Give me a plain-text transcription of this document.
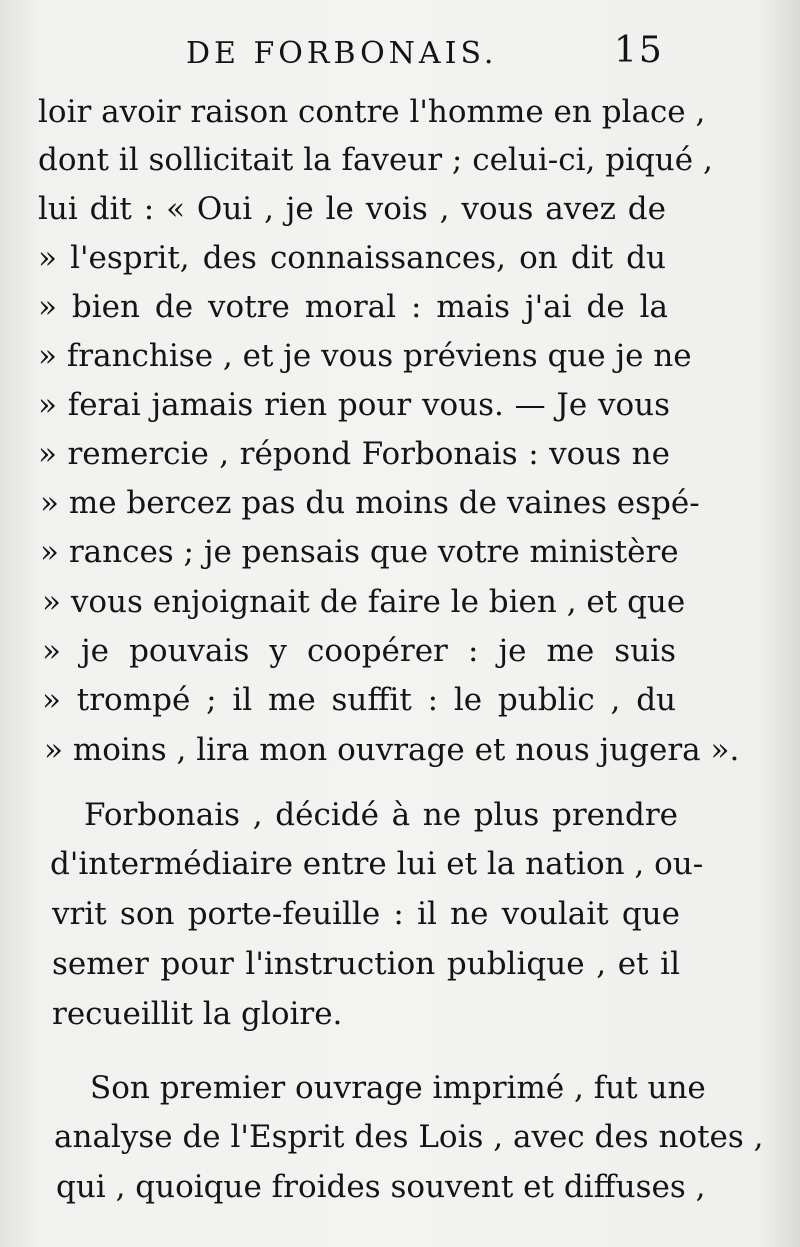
DE FORBONAIS.	15
loir avoir raison contre l'homme en place ,
dont il sollicitait la faveur ; celui-ci, piqué ,
lui dit : « Oui , je le vois , vous avez de
» l'esprit, des connaissances, on dit du
» bien de votre moral : mais j'ai de la
» franchise , et je vous préviens que je ne
» ferai jamais rien pour vous. — Je vous
» remercie , répond Forbonais : vous ne
» me bercez pas du moins de vaines espé-
» rances ; je pensais que votre ministère
» vous enjoignait de faire le bien , et que
» je pouvais y coopérer : je me suis
» trompé ; il me suffit : le public , du
» moins , lira mon ouvrage et nous jugera ».
Forbonais , décidé à ne plus prendre
d'intermédiaire entre lui et la nation , ou-
vrit son porte-feuille : il ne voulait que
semer pour l'instruction publique , et il
recueillit la gloire.
Son premier ouvrage imprimé , fut une
analyse de l'Esprit des Lois , avec des notes ,
qui , quoique froides souvent et diffuses ,
